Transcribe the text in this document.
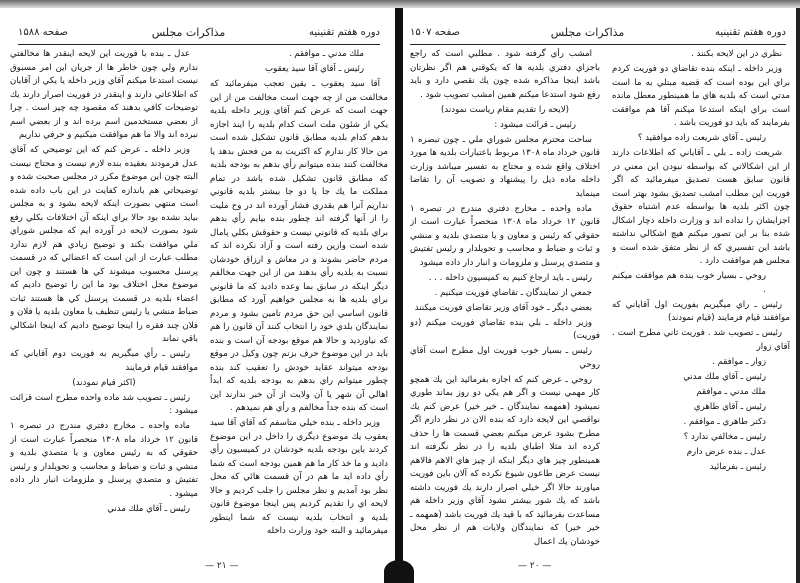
دوره هفتم تقنينيه
مذاكرات مجلس
صفحه ۱۵۸۸

عدل ـ بنده با فوريت اين لايحه اينقدر ها مخالفتي ندارم ولي چون خاطر ها از جريان اين امر مسبوق نيست استدعا ميكنم آقاي وزير داخله يا يكي از آقايان كه اطلاعاتي دارند و اينقدر در فوريت اصرار دارند يك توضيحات كافي بدهند كه مقصود چه چيز است . چرا از بعضي مستخدمين اسم برده اند و از بعضي اسم نبرده اند والا ما هم موافقت ميكنيم و حرفي نداريم

وزير داخله ـ عرض كنم كه اين توضيحي كه آقاي عدل فرمودند بعقيده بنده لازم نيست و محتاج نيست البته چون اين موضوع مكرر در مجلس صحبت شده و توضيحاتي هم باندازه كفايت در اين باب داده شده است منتهي بصورت اينكه لايحه بشود و به مجلس بيايد نشده بود حالا براي اينكه آن اختلافات بكلي رفع شود بصورت لايحه در آورده ايم كه مجلس شوراي ملي موافقت بكند و توضيح زيادي هم لازم ندارد مطلب عبارت از اين است كه اعضائي كه در قسمت پرسنل محسوب ميشوند كي ها هستند و چون اين موضوع محل اختلاف بود ما اين را توضيح داديم كه اعضاء بلديه در قسمت پرسنل كي ها هستند ثبات ضباط منشي يا رئيس تنظيف يا معاون بلديه يا فلان و فلان چند فقره را اينجا توضيح داديم كه اينجا اشكالي باقي نماند

رئيس ـ رأي ميگيريم به فوريت دوم آقاياني كه موافقند قيام فرمايند

(اكثر قيام نمودند)

رئيس ـ تصويب شد ماده واحده مطرح است قرائت ميشود :

ماده واحده ـ مخارج دفتري مندرج در تبصره ۱ قانون ۱۲ خرداد ماه ۱۳۰۸ منحصراً عبارت است از حقوقي كه به رئيس معاون و يا متصدي بلديه و منشي و ثبات و ضباط و محاسب و تحويلدار و رئيس تفتيش و متصدي پرسنل و ملزومات انبار دار داده ميشود .

رئيس ـ آقاي ملك مدني

ملك مدني ـ موافقم .

رئيس ـ آقاي آقا سيد يعقوب

آقا سيد يعقوب ـ يقين تعجب ميفرمائيد كه مخالفت من از چه جهت است مخالفت من از اين جهت است كه عرض كنم آقاي وزير داخله بلديه يكي از شئون ملت است كدام بلديه را ايند اجازه بدهم كدام بلديه مطابق قانون تشكيل شده است من حالا كار ندارم كه اكثريت به من فحش بدهد يا مخالفت كنند بنده ميتوانم رأي بدهم به بودجه بلديه كه مطابق قانون تشكيل شده باشد در تمام مملكت ما يك جا يا دو جا بيشتر بلديه قانوني نداريم آنرا هم بقدري فشار آورده اند در وح مليت را از آنها گرفته اند چطور بنده بيايم رأي بدهم براي بلديه كه قانوني نيست و حقوقش بكلي پامال شده است وازين رفته است و آزاد نكرده اند كه مردم حاضر بشوند و در معاش و ارزاق خودشان نسبت به بلديه رأي بدهند من از اين جهت مخالفم ديگر اينكه در سابق بما وعده داديد كه ما قانوني براي بلديه ها به مجلس خواهيم آورد كه مطابق قانون اساسي اين حق مردم تامين بشود و مردم نمايندگان بلدي خود را انتخاب كنند آن قانون را هم كه نياورديد و حالا هم موقع بودجه آن است و بنده بايد در اين موضوع حرف بزنم چون وكيل در موقع بودجه ميتواند عقايد خودش را تعقيب كند بنده چطور ميتوانم راي بدهم به بودجه بلديه كه ابداً اهالي آن شهر يا آن ولايت از آن خبر ندارند اين است كه بنده جداً مخالفم و رأي هم نميدهم .

وزير داخله ـ بنده خيلي متاسفم كه آقاي آقا سيد يعقوب يك موضوع ديگري را داخل در اين موضوع كردند باين بودجه بلديه خودشان در كميسيون رأي داديد و ما خذ كار ما هم همين بودجه است كه شما رأي داده ايد ما هم در آن قسمت هائي كه محل نظر بود آمديم و نظر مجلس را جلب كرديم و حالا لايحه اي را تقديم كرديم پس اينجا موضوع قانون بلديه و انتخاب بلديه نيست كه شما اينطور ميفرمائيد و البته خود وزارت داخله

— ۲۱ —
دوره هفتم تقنينيه
مذاكرات مجلس
صفحه ۱۵۰۷

امشب رأي گرفته شود . مطلبي است كه راجع باجزاي دفتري بلديه ها كه يكوقتي هم اگر نظرتان باشد اينجا مذاكره شده چون يك نقصي دارد و بايد رفع شود استدعا ميكنم همين امشب تصويب شود .

(لايحه را تقديم مقام رياست نمودند)

رئيس ـ قرائت ميشود :

ساحت محترم مجلس شوراي ملي ـ چون تبصره ۱ قانون خرداد ماه ۱۳۰۸ مربوط باعتبارات بلديه ها مورد اختلاف واقع شده و محتاج به تفسير ميباشد وزارت داخله ماده ذيل را پيشنهاد و تصويب آن را تقاضا مينمايد

ماده واحده ـ مخارج دفتري مندرج در تبصره ۱ قانون ۱۲ خرداد ماه ۱۳۰۸ منحصراً عبارت است از حقوقي كه رئيس و معاون و يا متصدي بلديه و منشي و ثبات و ضباط و محاسب و تحويلدار و رئيس تفتيش و متصدي پرسنل و ملزومات و انبار دار داده ميشود

رئيس ـ بايد ارجاع كنيم به كميسيون داخله . . .

جمعي از نمايندگان ـ تقاضاي فوريت ميكنيم .

بعضي ديگر ـ خود آقاي وزير تقاضاي فوريت ميكنند

وزير داخله ـ بلي بنده تقاضاي فوريت ميكنم (دو فوريت)

رئيس ـ بسيار خوب فوريت اول مطرح است آقاي روحي

روحي ـ عرض كنم كه اجازه بفرمائيد اين يك همچو كار مهمي نيست و اگر هم يكي دو روز بماند طوري نميشود (همهمه نمايندگان ـ خير خير) عرض كنم يك نواقصي اين لايحه دارد كه بنده الان در نظر دارم اگر مطرح بشود عرض ميكنم بعضي قسمت ها را حذف كرده اند مثلا اطباي بلديه را در نظر نگرفته اند همينطور چيز هاي ديگر اينكه از چيز هاي الاهم فالاهم نيست عرض طاعون شيوع نكرده كه آلان باين فوريت مياورند حالا اگر خيلي اصرار دارند يك فوريت داشته باشد كه يك شور بيشتر نشود آقاي وزير داخله هم مساعدت بفرمائيد كه با قيد يك فوريت باشد (همهمه ـ خير خير) كه نمايندگان ولايات هم از نظر محل خودشان يك اعمال

نظري در اين لايحه بكنند .

وزير داخله ـ اينكه بنده تقاضاي دو فوريت كردم براي اين بوده است كه قضيه مبتلي به ما است مدتي است كه بلديه هاي ما همينطور معطل مانده است براي اينكه استدعا ميكنم آقا هم موافقت بفرمايند كه بايد دو فوريت باشد .

رئيس ـ آقاي شريعت زاده موافقيد ؟

شريعت زاده ـ بلي ـ آقاياني كه اطلاعات دارند از اين اشكالاتي كه بواسطه نبودن اين معني در قانون سابق هست تصديق ميفرمائيد كه اگر فوريت اين مطلب امشب تصديق بشود بهتر است چون اكثر بلديه ها بواسطه عدم اشتباه حقوق اجزايشان را نداده اند و وزارت داخله دچار اشكال شده بنا بر اين تصور ميكنم هيچ اشكالي نداشته باشد اين تفسيري كه از نظر متفق شده است و مجلس هم موافقت دارد .

روحي ـ بسيار خوب بنده هم موافقت ميكنم .

رئيس ـ راي ميگيريم بفوريت اول آقاياني كه موافقند قيام فرمايند (قيام نمودند)

رئيس ـ تصويب شد . فوريت ثاني مطرح است . آقاي زوار

زوار ـ موافقم .

رئيس ـ آقاي ملك مدني

ملك مدني ـ موافقم

رئيس ـ آقاي طاهري

دكتر طاهري ـ موافقم .

رئيس ـ مخالفي ندارد ؟

عدل ـ بنده عرض دارم

رئيس ـ بفرمائيد

— ۲۰ —
